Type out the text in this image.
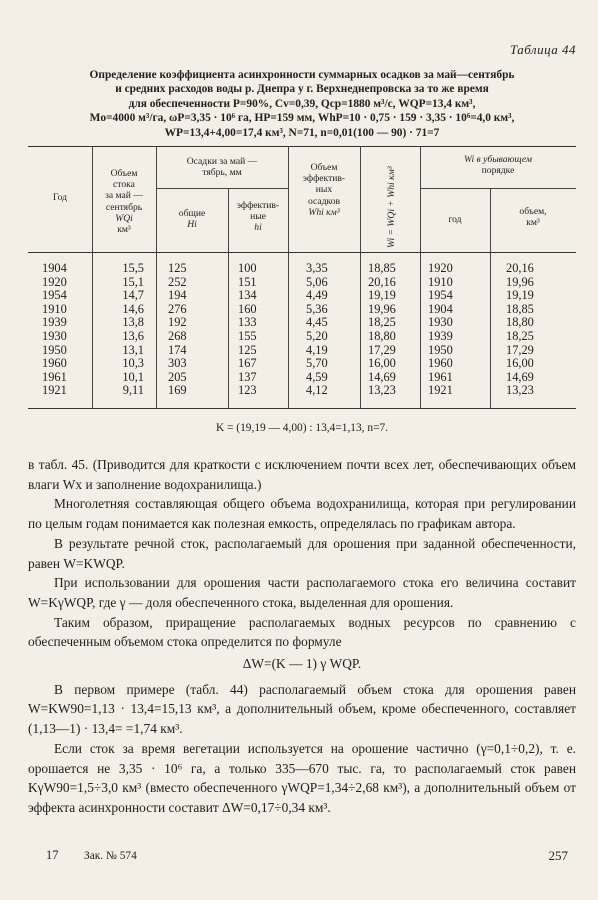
Таблица 44
Определение коэффициента асинхронности суммарных осадков за май—сентябрь
и средних расходов воды р. Днепра у г. Верхнеднепровска за то же время
для обеспеченности P=90%, Cv=0,39, Qср=1880 м³/с, WQP=13,4 км³,
Mo=4000 м³/га, ωP=3,35 · 10⁶ га, HP=159 мм, WhP=10 · 0,75 · 159 · 3,35 · 10⁶=4,0 км³,
WP=13,4+4,00=17,4 км³, N=71, n=0,01(100 — 90) · 71=7
Год
Объем
стока
за май —
сентябрь
WQi
км³
Осадки за май —
тябрь, мм
общие
Hi
эффектив-
ные
hi
Объем
эффектив-
ных
осадков
Whi км³	Wi = WQi + Whi км³
Wi в убывающем
порядке
год
объем,
км³
1904
1920
1954
1910
1939
1930
1950
1960
1961
1921
15,5
15,1
14,7
14,6
13,8
13,6
13,1
10,3
10,1
9,11
125
252
194
276
192
268
174
303
205
169
100
151
134
160
133
155
125
167
137
123
3,35
5,06
4,49
5,36
4,45
5,20
4,19
5,70
4,59
4,12
18,85
20,16
19,19
19,96
18,25
18,80
17,29
16,00
14,69
13,23
1920
1910
1954
1904
1930
1939
1950
1960
1961
1921
20,16
19,96
19,19
18,85
18,80
18,25
17,29
16,00
14,69
13,23
K = (19,19 — 4,00) : 13,4=1,13, n=7.

в табл. 45. (Приводится для краткости с исключением почти всех лет, обеспечивающих объем влаги Wx и заполнение водохранилища.)

Многолетняя составляющая общего объема водохранилища, которая при регулировании по целым годам понимается как полезная емкость, определялась по графикам автора.

В результате речной сток, располагаемый для орошения при заданной обеспеченности, равен W=KWQP.

При использовании для орошения части располагаемого стока его величина составит W=KγWQP, где γ — доля обеспеченного стока, выделенная для орошения.

Таким образом, приращение располагаемых водных ресурсов по сравнению с обеспеченным объемом стока определится по формуле

ΔW=(K — 1) γ WQP.

В первом примере (табл. 44) располагаемый объем стока для орошения равен W=KW90=1,13 · 13,4=15,13 км³, а дополнительный объем, кроме обеспеченного, составляет (1,13—1) · 13,4= =1,74 км³.

Если сток за время вегетации используется на орошение частично (γ=0,1÷0,2), т. е. орошается не 3,35 · 10⁶ га, а только 335—670 тыс. га, то располагаемый сток равен KγW90=1,5÷3,0 км³ (вместо обеспеченного γWQP=1,34÷2,68 км³), а дополнительный объем от эффекта асинхронности составит ΔW=0,17÷0,34 км³.

17 Зак. № 574	257
